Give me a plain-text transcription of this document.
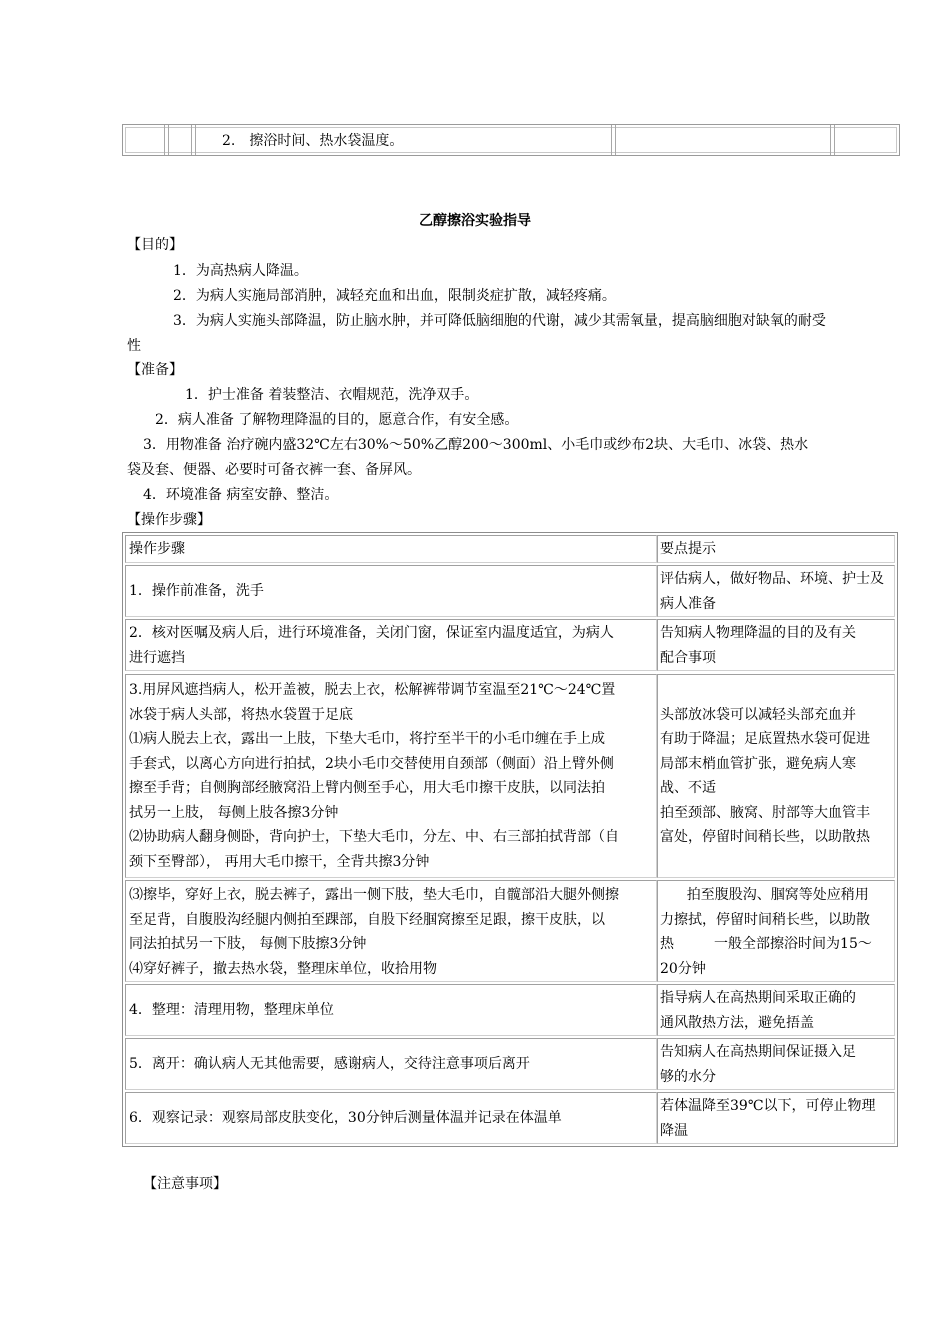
2.　擦浴时间、热水袋温度。
乙醇擦浴实验指导
【目的】
1．为高热病人降温。
2．为病人实施局部消肿，减轻充血和出血，限制炎症扩散，减轻疼痛。
3．为病人实施头部降温，防止脑水肿，并可降低脑细胞的代谢，减少其需氧量，提高脑细胞对缺氧的耐受
性
【准备】
1．护士准备 着装整洁、衣帽规范，洗净双手。
2．病人准备 了解物理降温的目的，愿意合作，有安全感。
3．用物准备 治疗碗内盛32℃左右30%～50%乙醇200～300ml、小毛巾或纱布2块、大毛巾、冰袋、热水
袋及套、便器、必要时可备衣裤一套、备屏风。
4．环境准备 病室安静、整洁。
【操作步骤】

操作步骤	要点提示

1．操作前准备，洗手

评估病人，做好物品、环境、护士及

病人准备

2．核对医嘱及病人后，进行环境准备，关闭门窗，保证室内温度适宜，为病人

进行遮挡

告知病人物理降温的目的及有关

配合事项

3.用屏风遮挡病人，松开盖被，脱去上衣，松解裤带调节室温至21℃～24℃置

冰袋于病人头部，将热水袋置于足底

⑴病人脱去上衣，露出一上肢，下垫大毛巾，将拧至半干的小毛巾缠在手上成

手套式，以离心方向进行拍拭，2块小毛巾交替使用自颈部（侧面）沿上臂外侧

擦至手背；自侧胸部经腋窝沿上臂内侧至手心，用大毛巾擦干皮肤，以同法拍

拭另一上肢， 每侧上肢各擦3分钟

⑵协助病人翻身侧卧，背向护士，下垫大毛巾，分左、中、右三部拍拭背部（自

颈下至臀部）， 再用大毛巾擦干，全背共擦3分钟

头部放冰袋可以减轻头部充血并

有助于降温；足底置热水袋可促进

局部末梢血管扩张，避免病人寒

战、不适

拍至颈部、腋窝、肘部等大血管丰

富处，停留时间稍长些，以助散热

⑶擦毕，穿好上衣，脱去裤子，露出一侧下肢，垫大毛巾，自髋部沿大腿外侧擦

至足背，自腹股沟经腿内侧拍至踝部，自股下经腘窝擦至足跟，擦干皮肤，以

同法拍拭另一下肢， 每侧下肢擦3分钟

⑷穿好裤子，撤去热水袋，整理床单位，收拾用物

拍至腹股沟、腘窝等处应稍用

力擦拭，停留时间稍长些，以助散

热         一般全部擦浴时间为15～

20分钟

4．整理：清理用物，整理床单位

指导病人在高热期间采取正确的

通风散热方法，避免捂盖

5．离开：确认病人无其他需要，感谢病人，交待注意事项后离开

告知病人在高热期间保证摄入足

够的水分

6．观察记录：观察局部皮肤变化，30分钟后测量体温并记录在体温单

若体温降至39℃以下，可停止物理

降温

【注意事项】
